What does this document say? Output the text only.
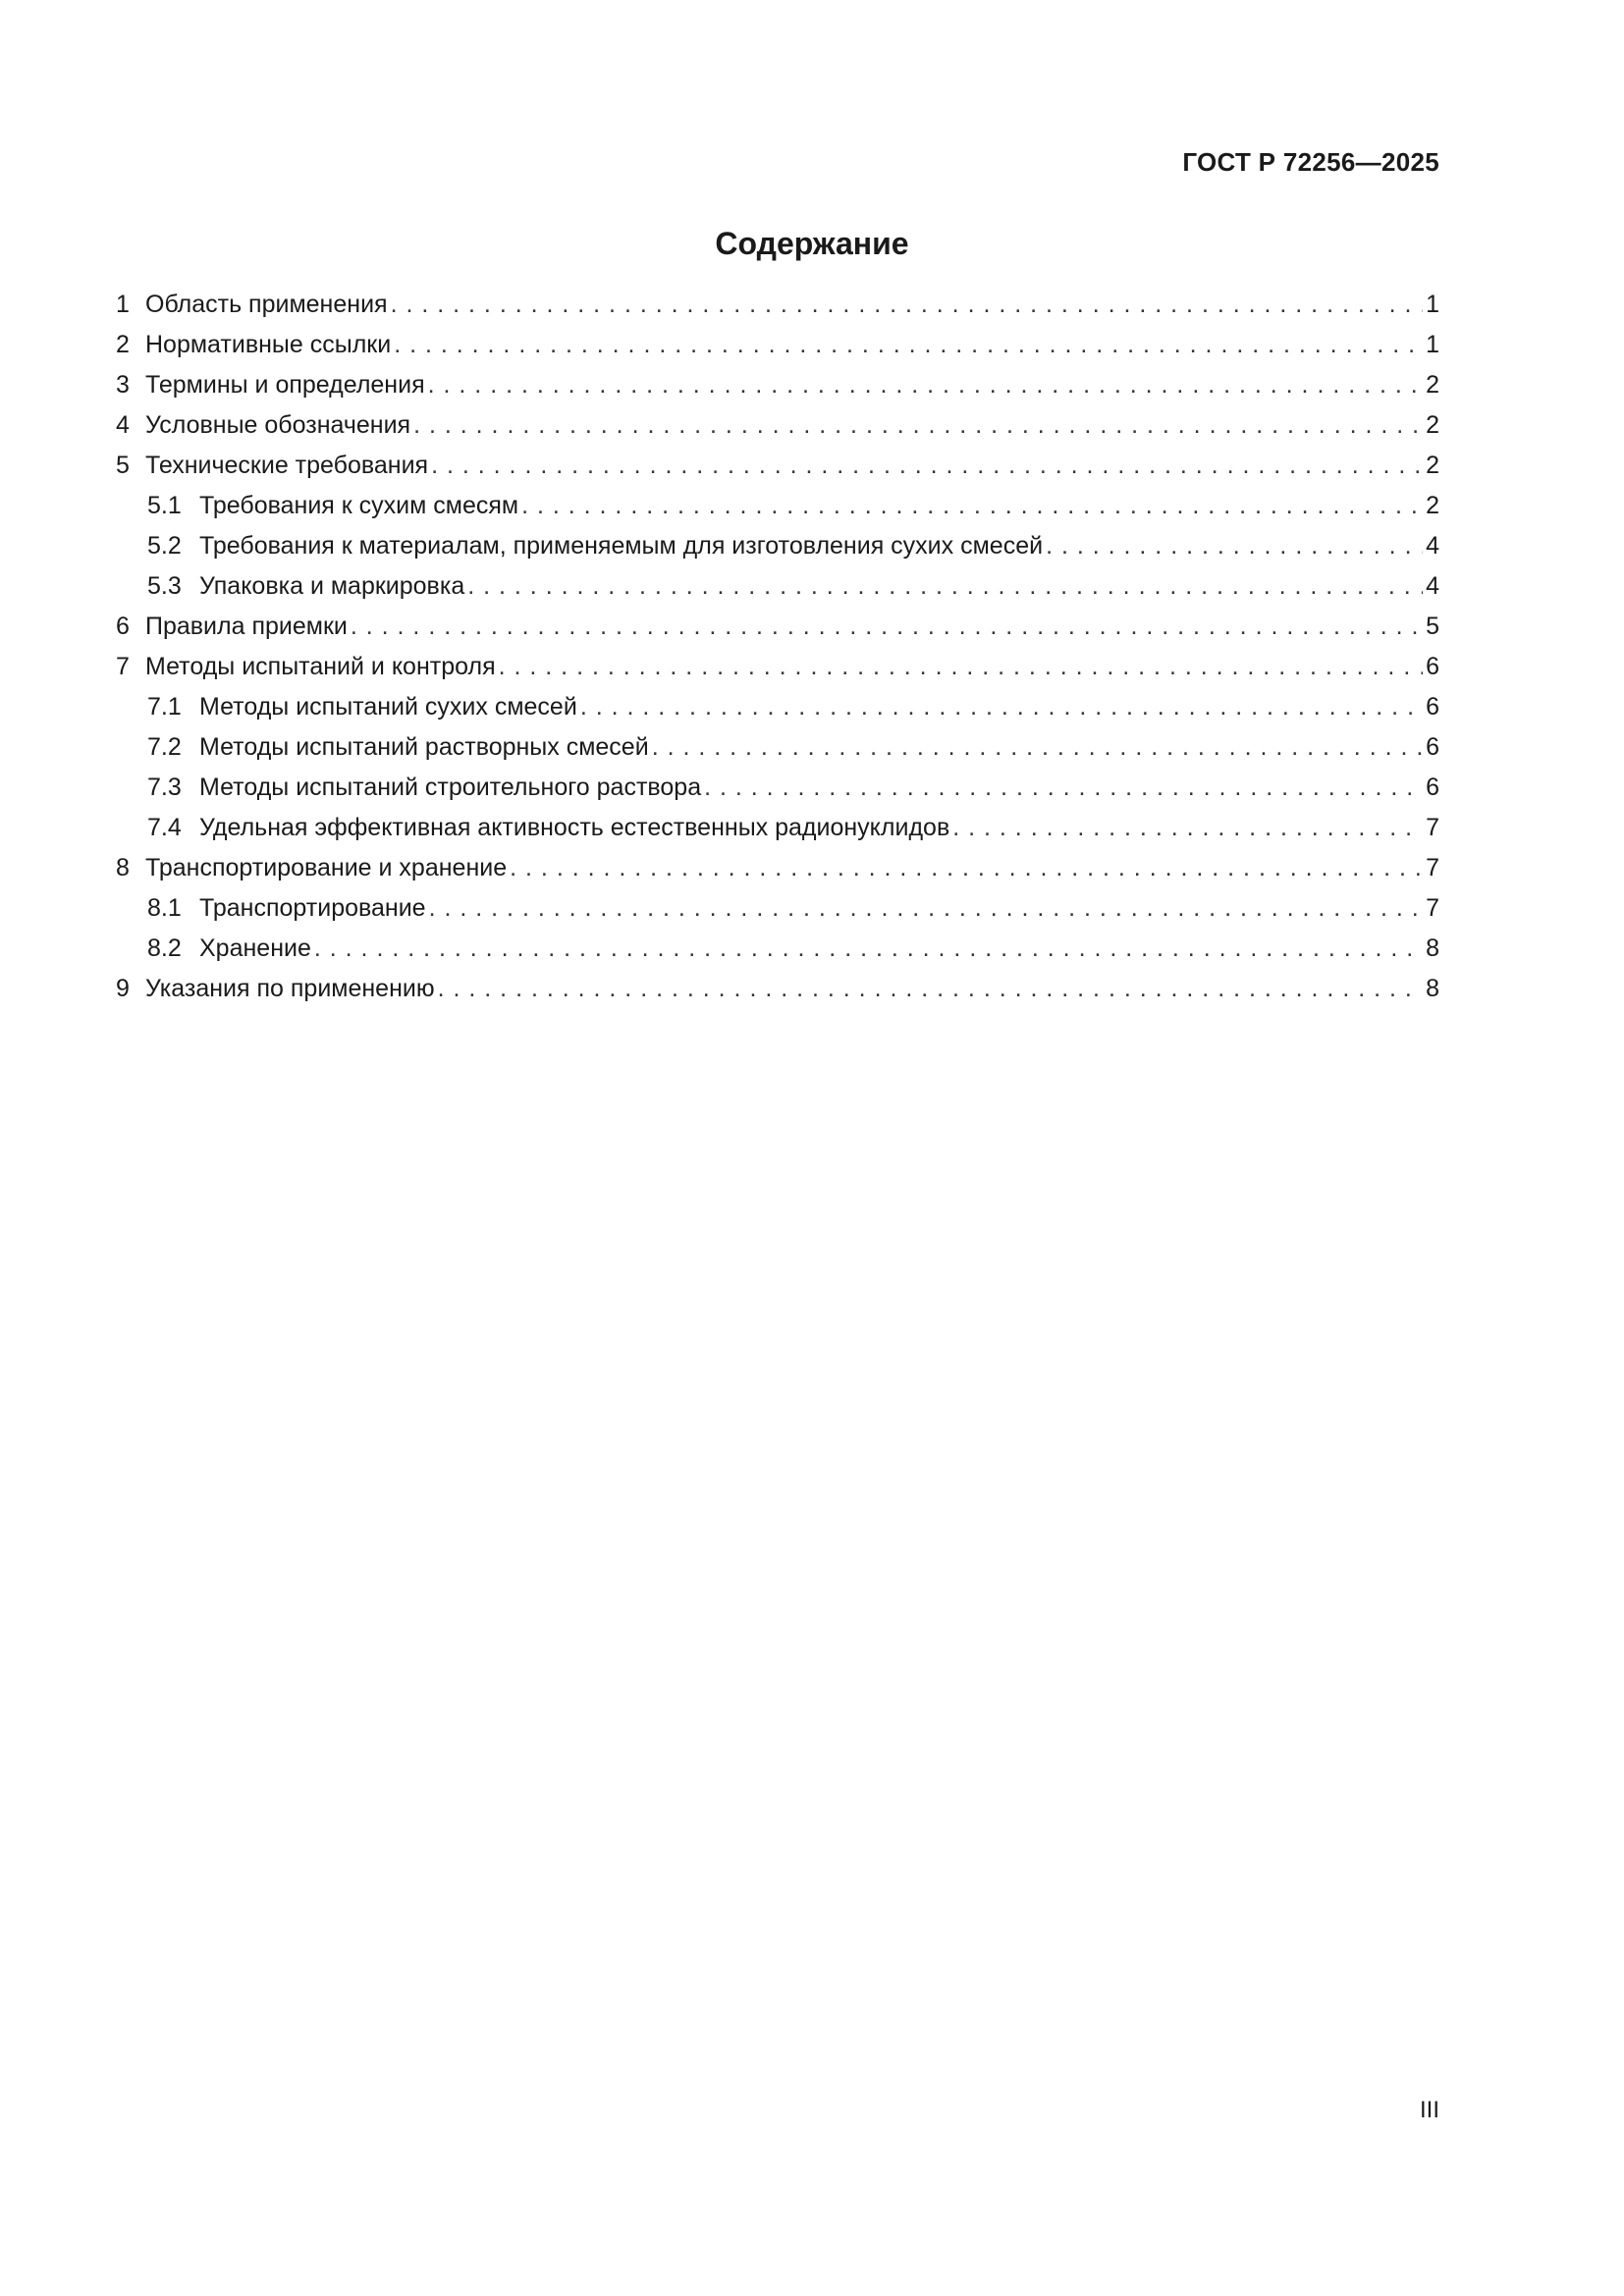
ГОСТ Р 72256—2025
Содержание
1 Область применения . . .	1
2 Нормативные ссылки . . .	1
3 Термины и определения . . .	2
4 Условные обозначения . . .	2
5 Технические требования . . .	2
5.1 Требования к сухим смесям . . .	2
5.2 Требования к материалам, применяемым для изготовления сухих смесей . . .	4
5.3 Упаковка и маркировка . . .	4
6 Правила приемки . . .	5
7 Методы испытаний и контроля . . .	6
7.1 Методы испытаний сухих смесей . . .	6
7.2 Методы испытаний растворных смесей . . .	6
7.3 Методы испытаний строительного раствора . . .	6
7.4 Удельная эффективная активность естественных радионуклидов . . .	7
8 Транспортирование и хранение . . .	7
8.1 Транспортирование . . .	7
8.2 Хранение . . .	8
9 Указания по применению . . .	8
III
